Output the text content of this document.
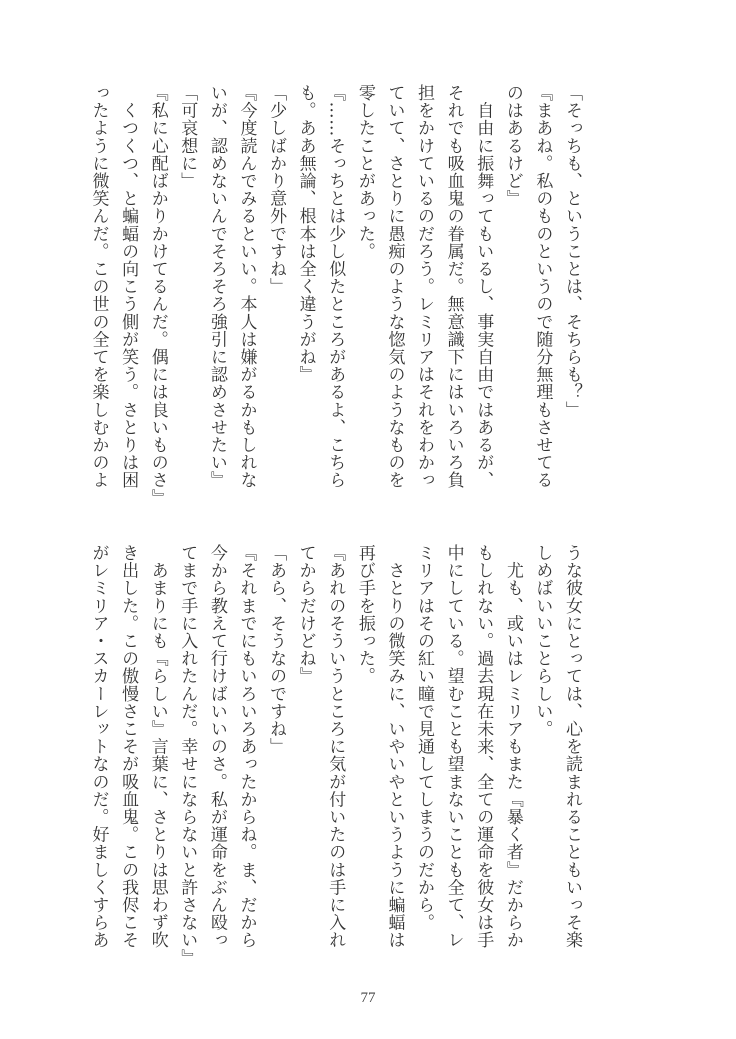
「そっちも、ということは、そちらも？」
『まあね。私のものというので随分無理もさせてる
のはあるけど』
　自由に振舞ってもいるし、事実自由ではあるが、
それでも吸血鬼の眷属だ。無意識下にはいろいろ負
担をかけているのだろう。レミリアはそれをわかっ
ていて、さとりに愚痴のような惚気のようなものを
零したことがあった。
『……そっちとは少し似たところがあるよ、こちら
も。ああ無論、根本は全く違うがね』
「少しばかり意外ですね」
『今度読んでみるといい。本人は嫌がるかもしれな
いが、認めないんでそろそろ強引に認めさせたい』
「可哀想に」
『私に心配ばかりかけてるんだ。偶には良いものさ』
　くつくつ、と蝙蝠の向こう側が笑う。さとりは困
ったように微笑んだ。この世の全てを楽しむかのよ
うな彼女にとっては、心を読まれることもいっそ楽
しめばいいことらしい。
　尤も、或いはレミリアもまた『暴く者』だからか
もしれない。過去現在未来、全ての運命を彼女は手
中にしている。望むことも望まないことも全て、レ
ミリアはその紅い瞳で見通してしまうのだから。
　さとりの微笑みに、いやいやというように蝙蝠は
再び手を振った。
『あれのそういうところに気が付いたのは手に入れ
てからだけどね』
「あら、そうなのですね」
『それまでにもいろいろあったからね。ま、だから
今から教えて行けばいいのさ。私が運命をぶん殴っ
てまで手に入れたんだ。幸せにならないと許さない』
　あまりにも『らしい』言葉に、さとりは思わず吹
き出した。この傲慢さこそが吸血鬼。この我侭こそ
がレミリア・スカーレットなのだ。好ましくすらあ
77
